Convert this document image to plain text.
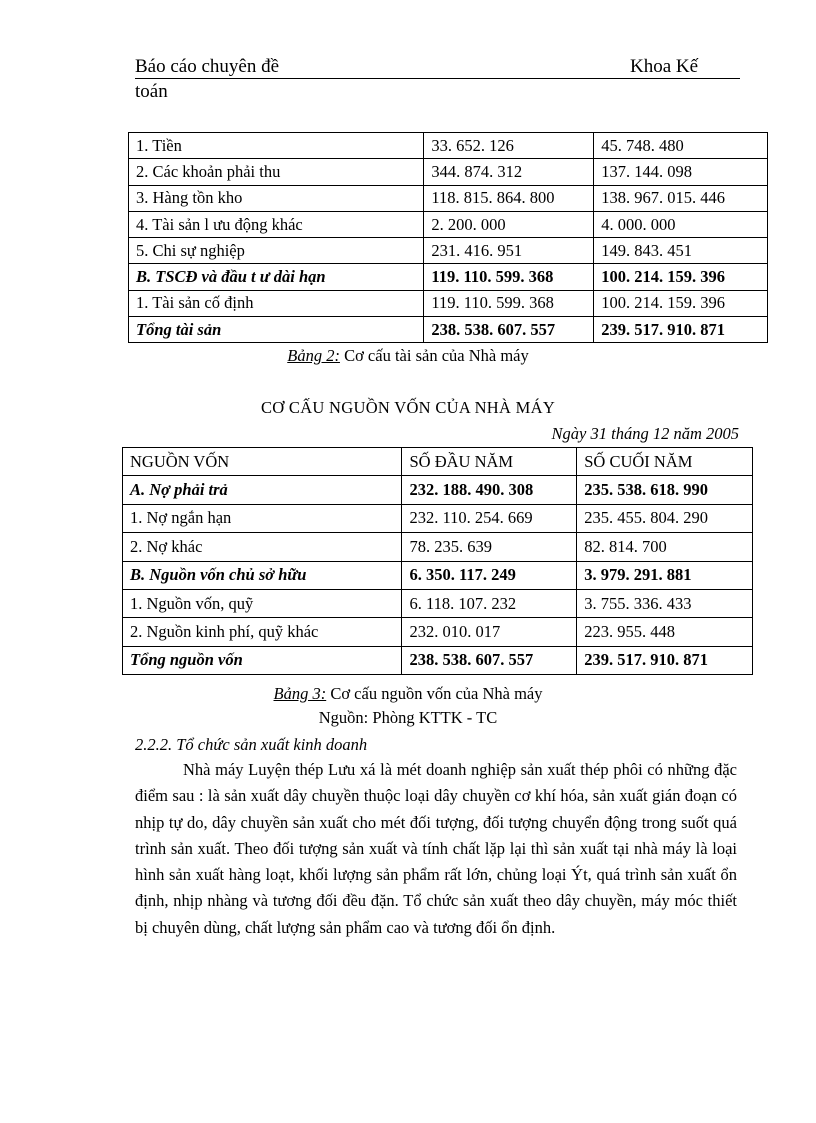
Báo cáo chuyên đề	Khoa Kế
toán
1. Tiền	33. 652. 126	45. 748. 480
2. Các khoản phải thu	344. 874. 312	137. 144. 098
3. Hàng tồn kho	118. 815. 864. 800	138. 967. 015. 446
4. Tài sản l ưu động khác	2. 200. 000	4. 000. 000
5. Chi sự nghiệp	231. 416. 951	149. 843. 451
B. TSCĐ và đầu t ư dài hạn	119. 110. 599. 368	100. 214. 159. 396
1. Tài sản cố định	119. 110. 599. 368	100. 214. 159. 396
Tổng tài sản	238. 538. 607. 557	239. 517. 910. 871
Bảng 2: Cơ cấu tài sản của Nhà máy
CƠ CẤU NGUỒN VỐN CỦA NHÀ MÁY
Ngày 31 tháng 12 năm 2005
NGUỒN VỐN	SỐ ĐẦU NĂM	SỐ CUỐI NĂM
A. Nợ phải trả	232. 188. 490. 308	235. 538. 618. 990
1. Nợ ngắn hạn	232. 110. 254. 669	235. 455. 804. 290
2. Nợ khác	78. 235. 639	82. 814. 700
B. Nguồn vốn chủ sở hữu	6. 350. 117. 249	3. 979. 291. 881
1. Nguồn vốn, quỹ	6. 118. 107. 232	3. 755. 336. 433
2. Nguồn kinh phí, quỹ khác	232. 010. 017	223. 955. 448
Tổng nguồn vốn	238. 538. 607. 557	239. 517. 910. 871
Bảng 3: Cơ cấu nguồn vốn của Nhà máy
Nguồn: Phòng KTTK - TC
2.2.2. Tổ chức sản xuất kinh doanh
Nhà máy Luyện thép Lưu xá là mét doanh nghiệp sản xuất thép phôi có những đặc điểm sau : là sản xuất dây chuyền thuộc loại dây chuyền cơ khí hóa, sản xuất gián đoạn có nhịp tự do, dây chuyền sản xuất cho mét đối tượng, đối tượng chuyển động trong suốt quá trình sản xuất. Theo đối tượng sản xuất và tính chất lặp lại thì sản xuất tại nhà máy là loại hình sản xuất hàng loạt, khối lượng sản phẩm rất lớn, chủng loại Ýt, quá trình sản xuất ổn định, nhịp nhàng và tương đối đều đặn. Tổ chức sản xuất theo dây chuyền, máy móc thiết bị chuyên dùng, chất lượng sản phẩm cao và tương đối ổn định.
